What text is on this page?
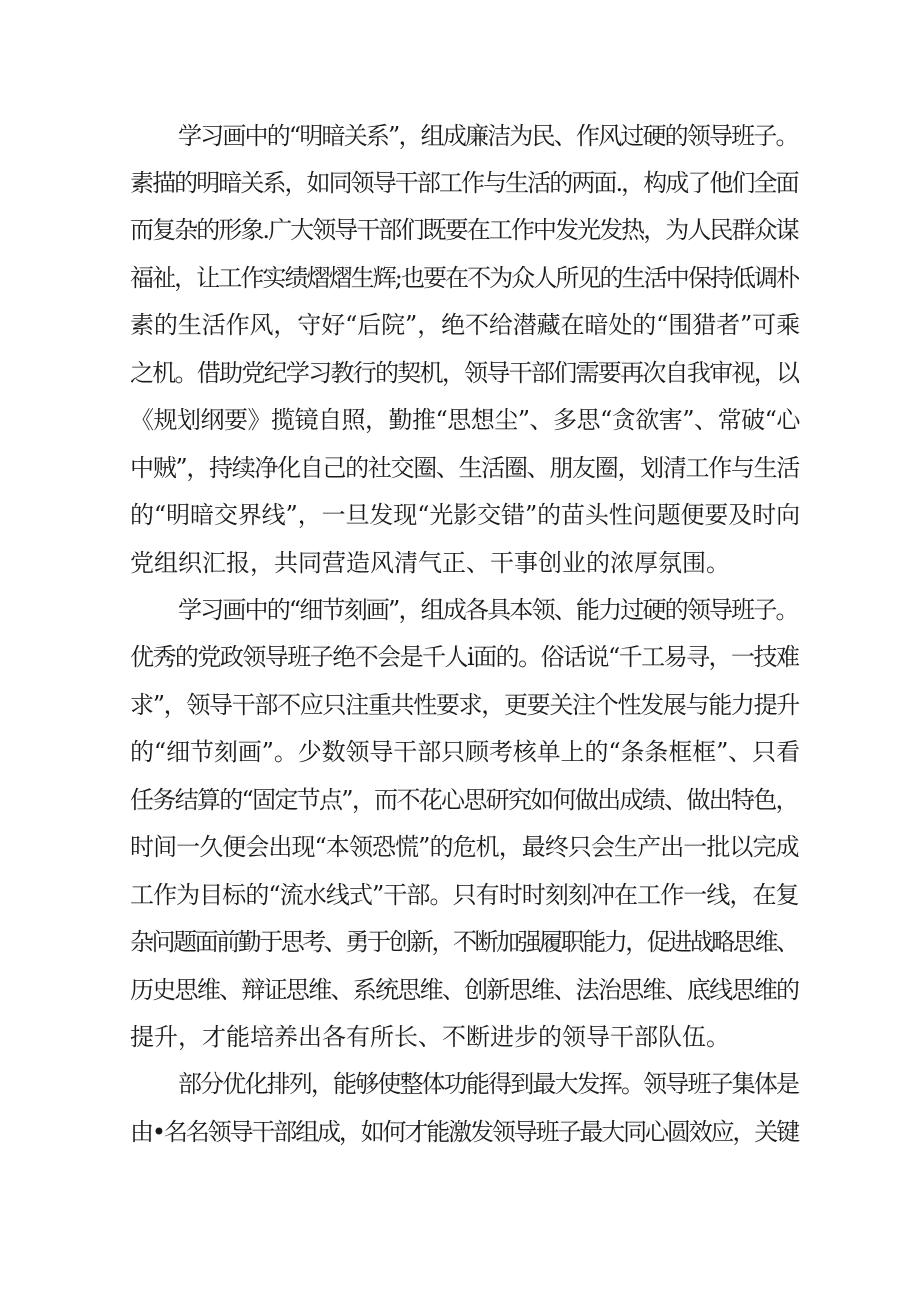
学习画中的“明暗关系”，组成廉洁为民、作风过硬的领导班子。
素描的明暗关系，如同领导干部工作与生活的两面.，构成了他们全面
而复杂的形象.广大领导干部们既要在工作中发光发热，为人民群众谋
福祉，让工作实绩熠熠生辉;也要在不为众人所见的生活中保持低调朴
素的生活作风，守好“后院”，绝不给潜藏在暗处的“围猎者”可乘
之机。借助党纪学习教行的契机，领导干部们需要再次自我审视，以
《规划纲要》揽镜自照，勤推“思想尘”、多思“贪欲害”、常破“心
中贼”，持续净化自己的社交圈、生活圈、朋友圈，划清工作与生活
的“明暗交界线”，一旦发现“光影交错”的苗头性问题便要及时向
党组织汇报，共同营造风清气正、干事创业的浓厚氛围。
学习画中的“细节刻画”，组成各具本领、能力过硬的领导班子。
优秀的党政领导班子绝不会是千人i面的。俗话说“千工易寻，一技难
求”，领导干部不应只注重共性要求，更要关注个性发展与能力提升
的“细节刻画”。少数领导干部只顾考核单上的“条条框框”、只看
任务结算的“固定节点”，而不花心思研究如何做出成绩、做出特色，
时间一久便会出现“本领恐慌”的危机，最终只会生产出一批以完成
工作为目标的“流水线式”干部。只有时时刻刻冲在工作一线，在复
杂问题面前勤于思考、勇于创新，不断加强履职能力，促进战略思维、
历史思维、辩证思维、系统思维、创新思维、法治思维、底线思维的
提升，才能培养出各有所长、不断进步的领导干部队伍。
部分优化排列，能够使整体功能得到最大发挥。领导班子集体是
由•名名领导干部组成，如何才能激发领导班子最大同心圆效应，关键
